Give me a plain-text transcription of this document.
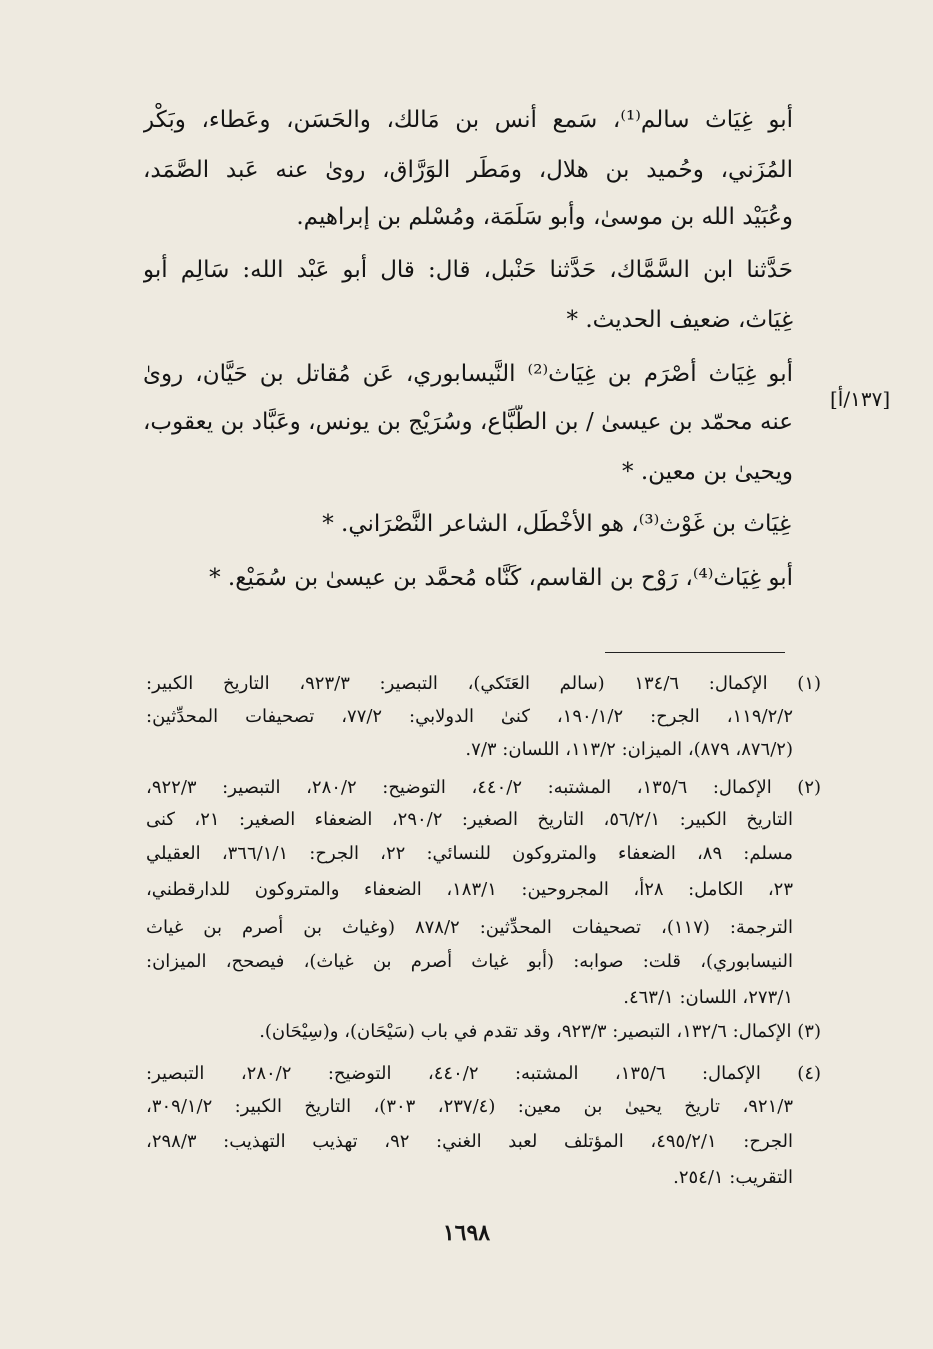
أبو غِيَاث سالم⁽¹⁾، سَمع أنس بن مَالك، والحَسَن، وعَطاء، وبَكْر
المُزَني، وحُميد بن هلال، ومَطَر الوَرَّاق، روىٰ عنه عَبد الصَّمَد،
وعُبَيْد الله بن موسىٰ، وأبو سَلَمَة، ومُسْلم بن إبراهيم.
حَدَّثنا ابن السَّمَّاك، حَدَّثنا حَنْبل، قال: قال أبو عَبْد الله: سَالِم أبو
غِيَاث، ضعيف الحديث. *
أبو غِيَاث أصْرَم بن غِيَاث⁽²⁾ النَّيسابوري، عَن مُقاتل بن حَيَّان، روىٰ
عنه محمّد بن عيسىٰ / بن الطَّبَّاع، وسُرَيْج بن يونس، وعَبَّاد بن يعقوب،
ويحيىٰ بن معين. *
غِيَاث بن غَوْث⁽³⁾، هو الأخْطَل، الشاعر النَّصْرَاني. *
أبو غِيَاث⁽⁴⁾، رَوْح بن القاسم، كَنَّاه مُحمَّد بن عيسىٰ بن سُمَيْع. *
[١٣٧/أ]
(١) الإكمال: ١٣٤/٦ (سالم العَتَكي)، التبصير: ٩٢٣/٣، التاريخ الكبير:
١١٩/٢/٢، الجرح: ١٩٠/١/٢، كنىٰ الدولابي: ٧٧/٢، تصحيفات المحدِّثين:
(٨٧٦/٢، ٨٧٩)، الميزان: ١١٣/٢، اللسان: ٧/٣.
(٢) الإكمال: ١٣٥/٦، المشتبه: ٤٤٠/٢، التوضيح: ٢٨٠/٢، التبصير: ٩٢٢/٣،
التاريخ الكبير: ٥٦/٢/١، التاريخ الصغير: ٢٩٠/٢، الضعفاء الصغير: ٢١، كنى
مسلم: ٨٩، الضعفاء والمتروكون للنسائي: ٢٢، الجرح: ٣٦٦/١/١، العقيلي
٢٣، الكامل: ٢٨أ، المجروحين: ١٨٣/١، الضعفاء والمتروكون للدارقطني،
الترجمة: (١١٧)، تصحيفات المحدِّثين: ٨٧٨/٢ (وغياث بن أصرم بن غياث
النيسابوري)، قلت: صوابه: (أبو غياث أصرم بن غياث)، فيصحح، الميزان:
٢٧٣/١، اللسان: ٤٦٣/١.
(٣) الإكمال: ١٣٢/٦، التبصير: ٩٢٣/٣، وقد تقدم في باب (سَيْحَان)، و(سِيْحَان).
(٤) الإكمال: ١٣٥/٦، المشتبه: ٤٤٠/٢، التوضيح: ٢٨٠/٢، التبصير:
٩٢١/٣، تاريخ يحيىٰ بن معين: (٢٣٧/٤، ٣٠٣)، التاريخ الكبير: ٣٠٩/١/٢،
الجرح: ٤٩٥/٢/١، المؤتلف لعبد الغني: ٩٢، تهذيب التهذيب: ٢٩٨/٣،
التقريب: ٢٥٤/١.
١٦٩٨
